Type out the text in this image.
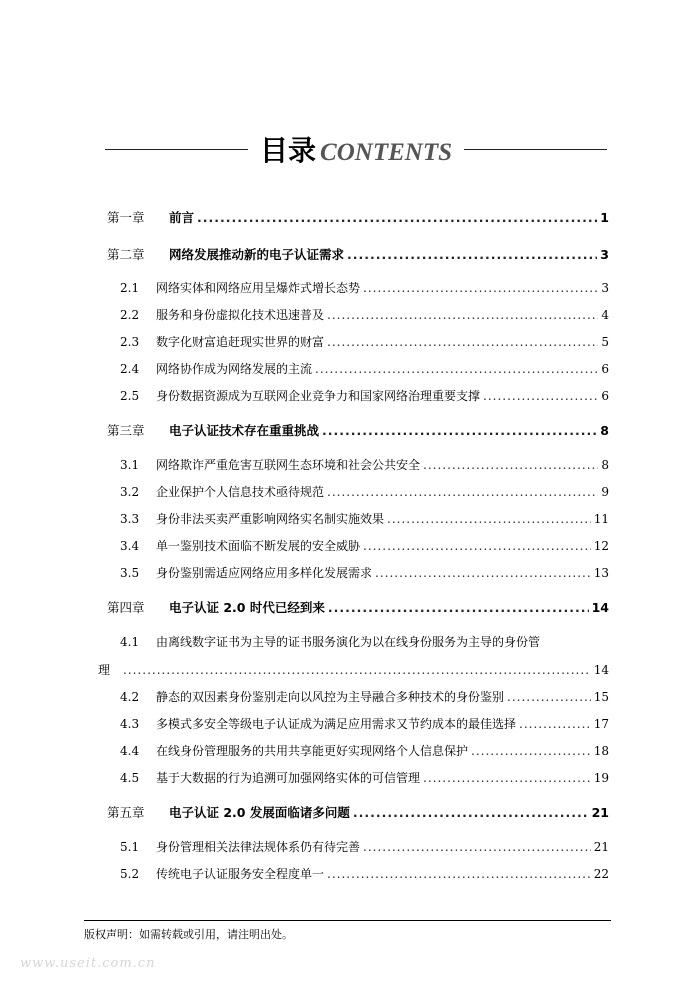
目录 CONTENTS
第一章	前言 .....	1
第二章	网络发展推动新的电子认证需求 .....	3
2.1	网络实体和网络应用呈爆炸式增长态势 .....	3
2.2	服务和身份虚拟化技术迅速普及 .....	4
2.3	数字化财富追赶现实世界的财富 .....	5
2.4	网络协作成为网络发展的主流 .....	6
2.5	身份数据资源成为互联网企业竞争力和国家网络治理重要支撑 .....	6
第三章	电子认证技术存在重重挑战 .....	8
3.1	网络欺诈严重危害互联网生态环境和社会公共安全 .....	8
3.2	企业保护个人信息技术亟待规范 .....	9
3.3	身份非法买卖严重影响网络实名制实施效果 .....	11
3.4	单一鉴别技术面临不断发展的安全威胁 .....	12
3.5	身份鉴别需适应网络应用多样化发展需求 .....	13
第四章	电子认证 2.0 时代已经到来 .....	14
4.1	由离线数字证书为主导的证书服务演化为以在线身份服务为主导的身份管
理 .....	14
4.2	静态的双因素身份鉴别走向以风控为主导融合多种技术的身份鉴别 .....	15
4.3	多模式多安全等级电子认证成为满足应用需求又节约成本的最佳选择 .....	17
4.4	在线身份管理服务的共用共享能更好实现网络个人信息保护 .....	18
4.5	基于大数据的行为追溯可加强网络实体的可信管理 .....	19
第五章	电子认证 2.0 发展面临诸多问题 .....	21
5.1	身份管理相关法律法规体系仍有待完善 .....	21
5.2	传统电子认证服务安全程度单一 .....	22
版权声明：如需转载或引用，请注明出处。
www.useit.com.cn
